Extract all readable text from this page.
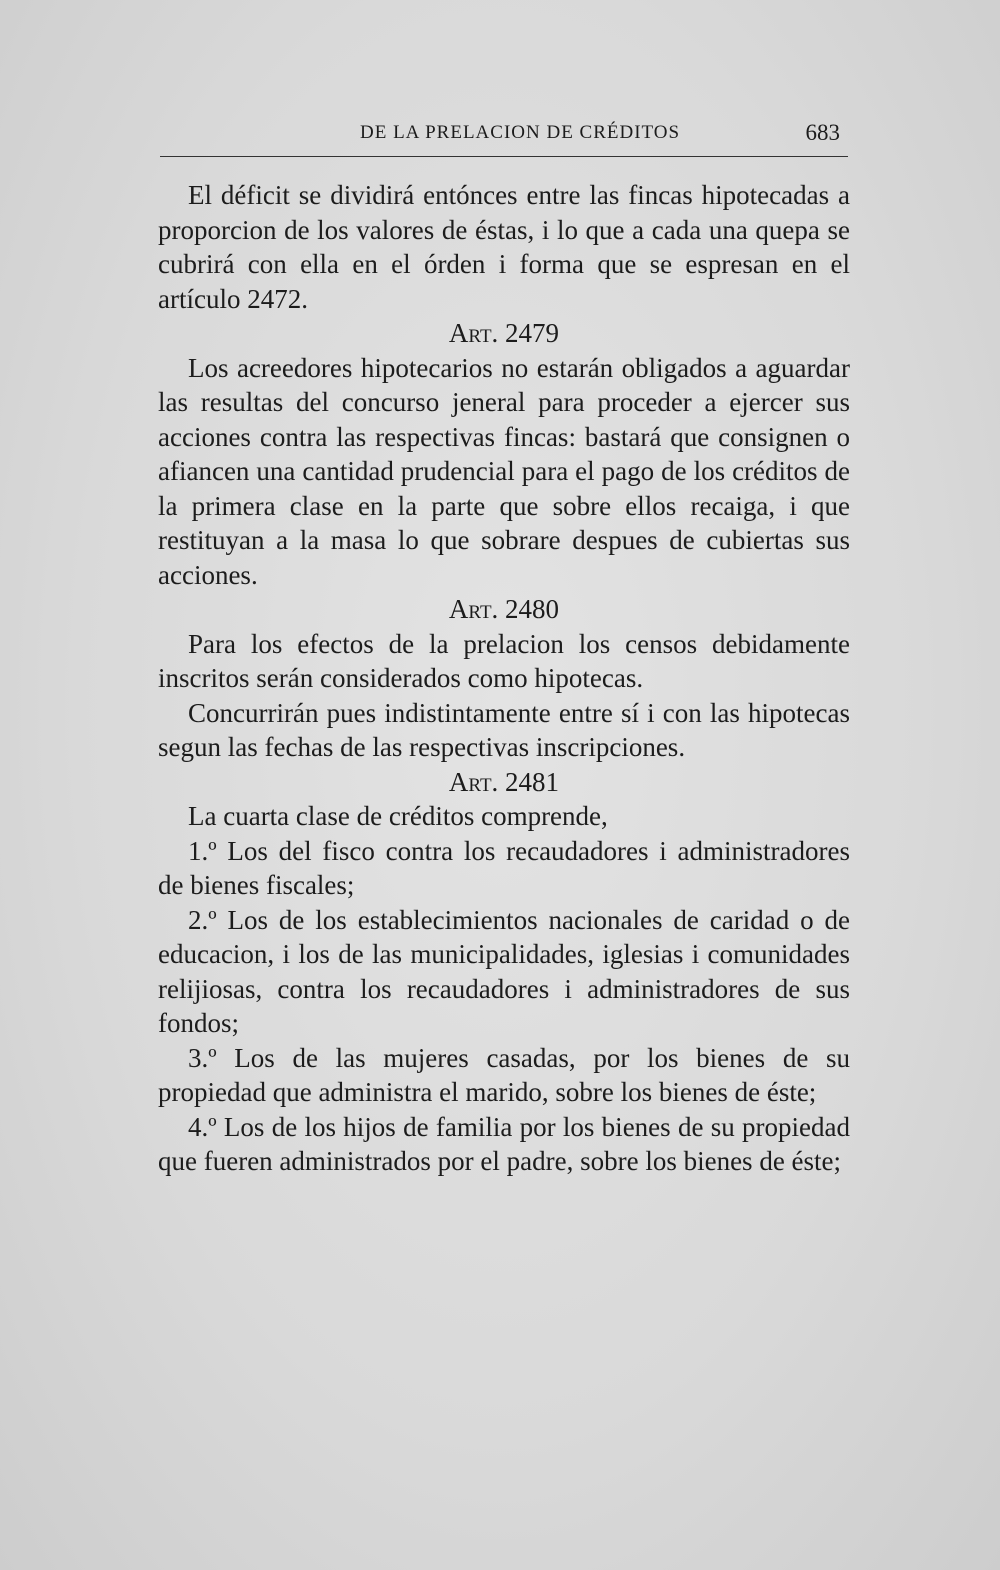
DE LA PRELACION DE CRÉDITOS	683

El déficit se dividirá entónces entre las fincas hipotecadas a proporcion de los valores de éstas, i lo que a cada una quepa se cubrirá con ella en el órden i forma que se espresan en el artículo 2472.

Art. 2479

Los acreedores hipotecarios no estarán obligados a aguardar las resultas del concurso jeneral para proceder a ejercer sus acciones contra las respectivas fincas: bastará que consignen o afiancen una cantidad prudencial para el pago de los créditos de la primera clase en la parte que sobre ellos recaiga, i que restituyan a la masa lo que sobrare despues de cubiertas sus acciones.

Art. 2480

Para los efectos de la prelacion los censos debidamente inscritos serán considerados como hipotecas.

Concurrirán pues indistintamente entre sí i con las hipotecas segun las fechas de las respectivas inscripciones.

Art. 2481

La cuarta clase de créditos comprende,

1.º Los del fisco contra los recaudadores i administradores de bienes fiscales;

2.º Los de los establecimientos nacionales de caridad o de educacion, i los de las municipalidades, iglesias i comunidades relijiosas, contra los recaudadores i administradores de sus fondos;

3.º Los de las mujeres casadas, por los bienes de su propiedad que administra el marido, sobre los bienes de éste;

4.º Los de los hijos de familia por los bienes de su propiedad que fueren administrados por el padre, sobre los bienes de éste;
